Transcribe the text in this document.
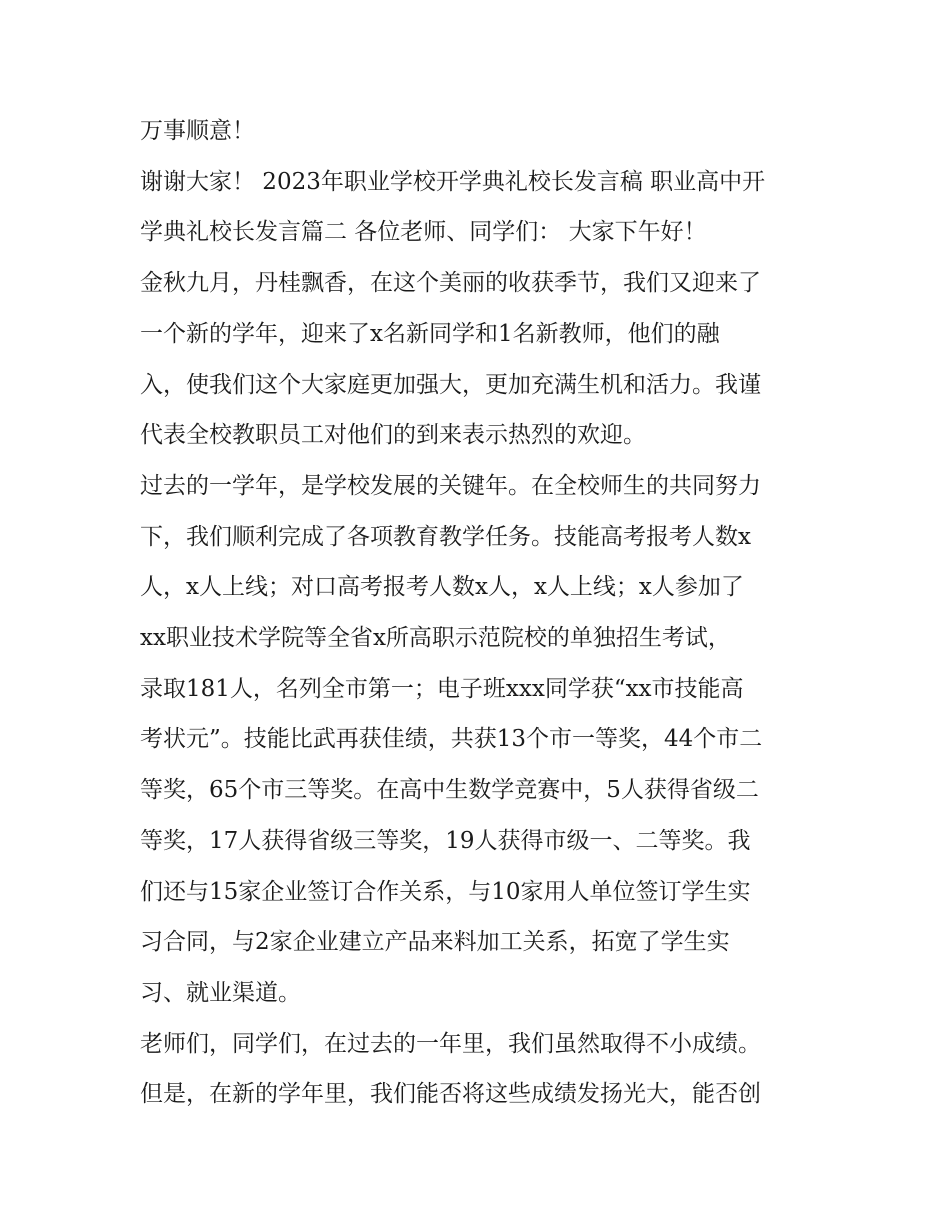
万事顺意！

谢谢大家！ 2023年职业学校开学典礼校长发言稿 职业高中开
学典礼校长发言篇二 各位老师、同学们： 大家下午好！

金秋九月，丹桂飘香，在这个美丽的收获季节，我们又迎来了
一个新的学年，迎来了x名新同学和1名新教师，他们的融
入，使我们这个大家庭更加强大，更加充满生机和活力。我谨
代表全校教职员工对他们的到来表示热烈的欢迎。

过去的一学年，是学校发展的关键年。在全校师生的共同努力
下，我们顺利完成了各项教育教学任务。技能高考报考人数x
人，x人上线；对口高考报考人数x人，x人上线；x人参加了
xx职业技术学院等全省x所高职示范院校的单独招生考试，
录取181人，名列全市第一；电子班xxx同学获“xx市技能高
考状元”。技能比武再获佳绩，共获13个市一等奖，44个市二
等奖，65个市三等奖。在高中生数学竞赛中，5人获得省级二
等奖，17人获得省级三等奖，19人获得市级一、二等奖。我
们还与15家企业签订合作关系，与10家用人单位签订学生实
习合同，与2家企业建立产品来料加工关系，拓宽了学生实
习、就业渠道。

老师们，同学们，在过去的一年里，我们虽然取得不小成绩。
但是，在新的学年里，我们能否将这些成绩发扬光大，能否创
